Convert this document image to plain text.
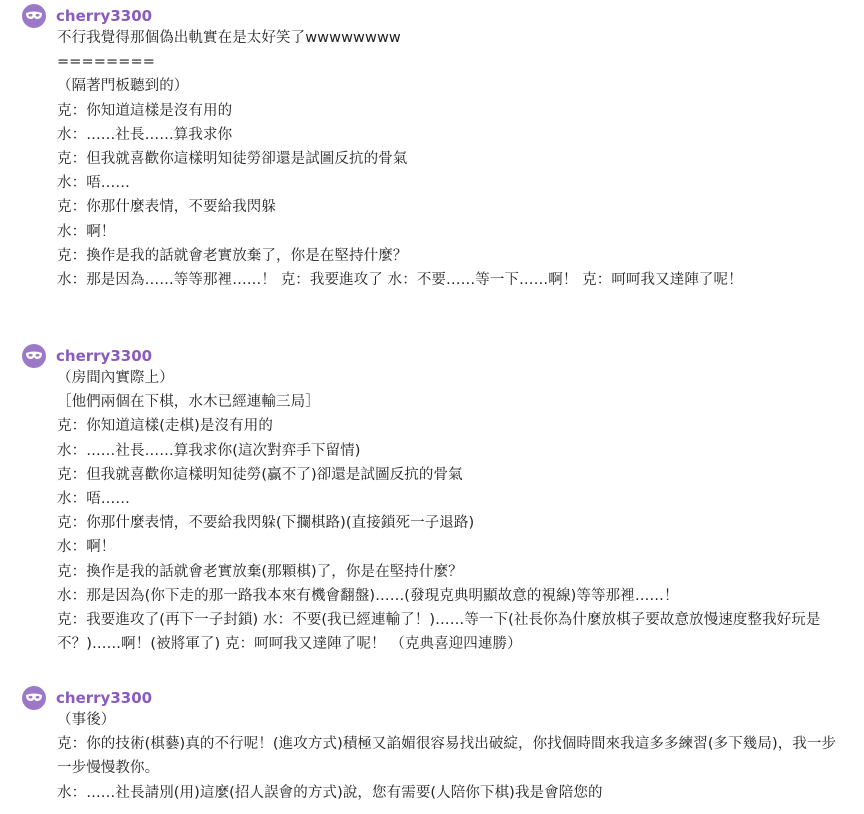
cherry3300
不行我覺得那個偽出軌實在是太好笑了wwwwwwww
========
（隔著門板聽到的）
克：你知道這樣是沒有用的
水：……社長……算我求你
克：但我就喜歡你這樣明知徒勞卻還是試圖反抗的骨氣
水：唔……
克：你那什麼表情，不要給我閃躲
水：啊！
克：換作是我的話就會老實放棄了，你是在堅持什麼？
水：那是因為……等等那裡……！ 克：我要進攻了 水：不要……等一下……啊！ 克：呵呵我又達陣了呢！
cherry3300
（房間內實際上）
［他們兩個在下棋，水木已經連輸三局］
克：你知道這樣(走棋)是沒有用的
水：……社長……算我求你(這次對弈手下留情)
克：但我就喜歡你這樣明知徒勞(贏不了)卻還是試圖反抗的骨氣
水：唔……
克：你那什麼表情，不要給我閃躲(下攔棋路)(直接鎖死一子退路)
水：啊！
克：換作是我的話就會老實放棄(那顆棋)了，你是在堅持什麼？
水：那是因為(你下走的那一路我本來有機會翻盤)……(發現克典明顯故意的視線)等等那裡……！
克：我要進攻了(再下一子封鎖) 水：不要(我已經連輸了！)……等一下(社長你為什麼放棋子要故意放慢速度整我好玩是不？)……啊！(被將軍了) 克：呵呵我又達陣了呢！ （克典喜迎四連勝）
cherry3300
（事後）
克：你的技術(棋藝)真的不行呢！(進攻方式)積極又諂媚很容易找出破綻，你找個時間來我這多多練習(多下幾局)，我一步一步慢慢教你。
水：……社長請別(用)這麼(招人誤會的方式)說，您有需要(人陪你下棋)我是會陪您的
